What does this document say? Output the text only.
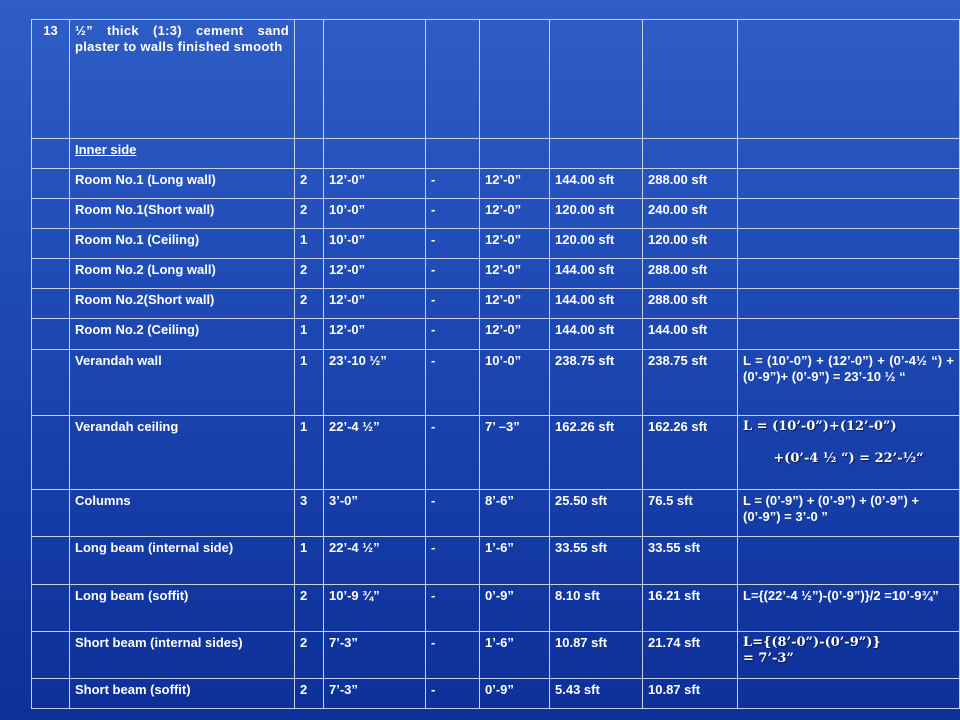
13	½” thick (1:3) cement sand plaster to walls finished smooth							
	Inner side							
	Room No.1 (Long wall)	2	12’-0”	-	12’-0”	144.00 sft	288.00 sft	
	Room No.1(Short wall)	2	10’-0”	-	12’-0”	120.00 sft	240.00 sft	
	Room No.1 (Ceiling)	1	10’-0”	-	12’-0”	120.00 sft	120.00 sft	
	Room No.2 (Long wall)	2	12’-0”	-	12’-0”	144.00 sft	288.00 sft	
	Room No.2(Short wall)	2	12’-0”	-	12’-0”	144.00 sft	288.00 sft	
	Room No.2 (Ceiling)	1	12’-0”	-	12’-0”	144.00 sft	144.00 sft	
	Verandah wall	1	23’-10 ½”	-	10’-0”	238.75 sft	238.75 sft	L = (10’-0”) + (12’-0”) + (0’-4½ “) +(0’-9”)+ (0’-9”) = 23’-10 ½ “
	Verandah ceiling	1	22’-4 ½”	-	7’ –3”	162.26 sft	162.26 sft	L = (10’-0”)+(12’-0”)
+(0’-4 ½ “) = 22’-½“

	Columns	3	3’-0”	-	8’-6”	25.50 sft	76.5 sft	L = (0’-9”) + (0’-9”) + (0’-9”) + (0’-9”) = 3’-0 ”
	Long beam (internal side)	1	22’-4 ½”	-	1’-6”	33.55 sft	33.55 sft	
	Long beam (soffit)	2	10’-9 ¾”	-	0’-9”	8.10 sft	16.21 sft	L={(22’-4 ½”)-(0’-9”)}/2 =10’-9¾”
	Short beam (internal sides)	2	7’-3”	-	1’-6”	10.87 sft	21.74 sft	L={(8’-0”)-(0’-9”)}
= 7’-3”
	Short beam (soffit)	2	7’-3”	-	0’-9”	5.43 sft	10.87 sft	
